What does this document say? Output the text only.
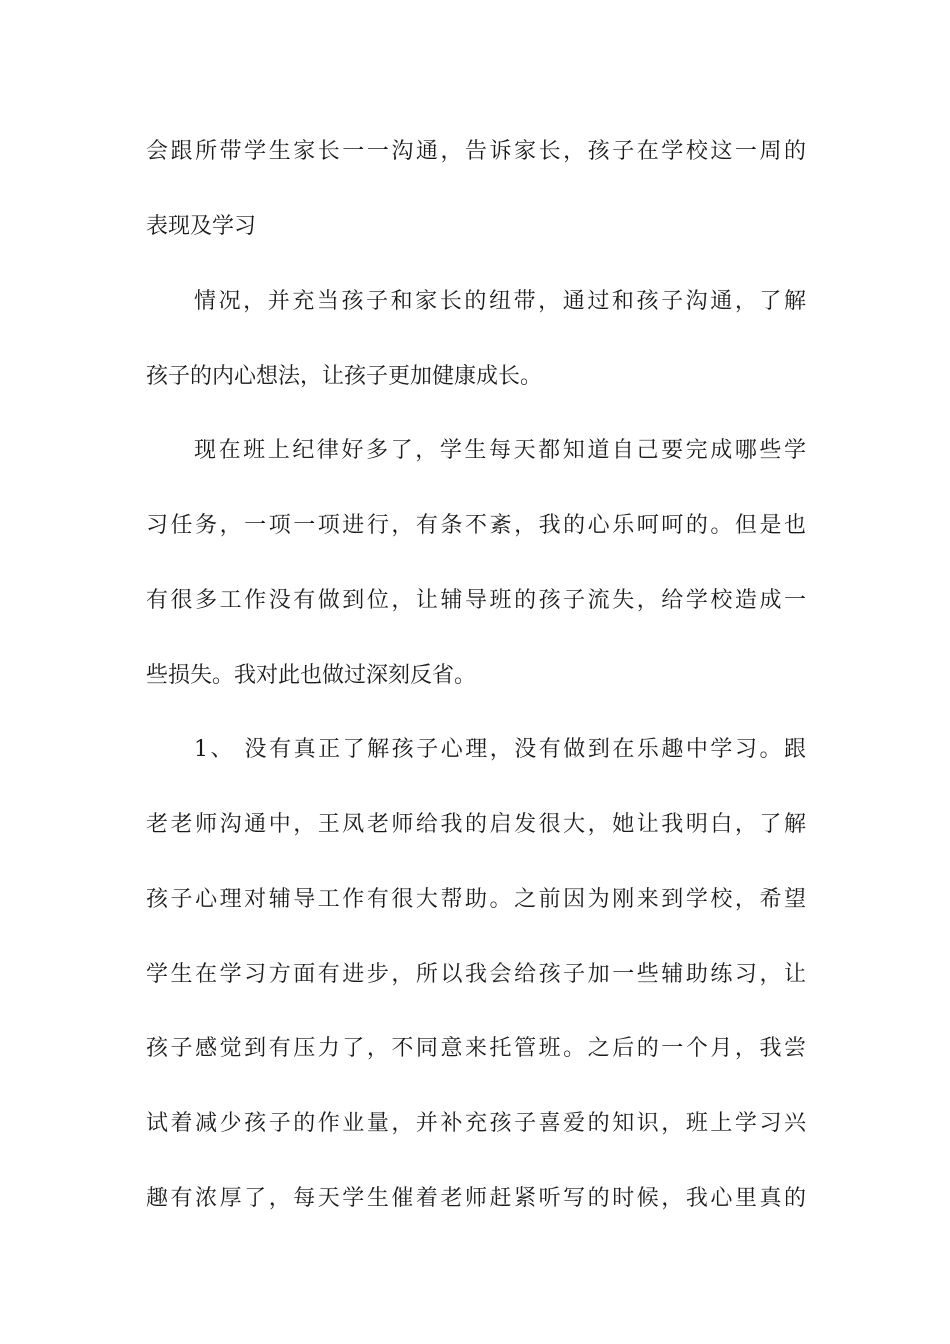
会跟所带学生家长一一沟通，告诉家长，孩子在学校这一周的
表现及学习
情况，并充当孩子和家长的纽带，通过和孩子沟通，了解
孩子的内心想法，让孩子更加健康成长。
现在班上纪律好多了，学生每天都知道自己要完成哪些学
习任务，一项一项进行，有条不紊，我的心乐呵呵的。但是也
有很多工作没有做到位，让辅导班的孩子流失，给学校造成一
些损失。我对此也做过深刻反省。
1、 没有真正了解孩子心理，没有做到在乐趣中学习。跟
老老师沟通中，王凤老师给我的启发很大，她让我明白，了解
孩子心理对辅导工作有很大帮助。之前因为刚来到学校，希望
学生在学习方面有进步，所以我会给孩子加一些辅助练习，让
孩子感觉到有压力了，不同意来托管班。之后的一个月，我尝
试着减少孩子的作业量，并补充孩子喜爱的知识，班上学习兴
趣有浓厚了，每天学生催着老师赶紧听写的时候，我心里真的
